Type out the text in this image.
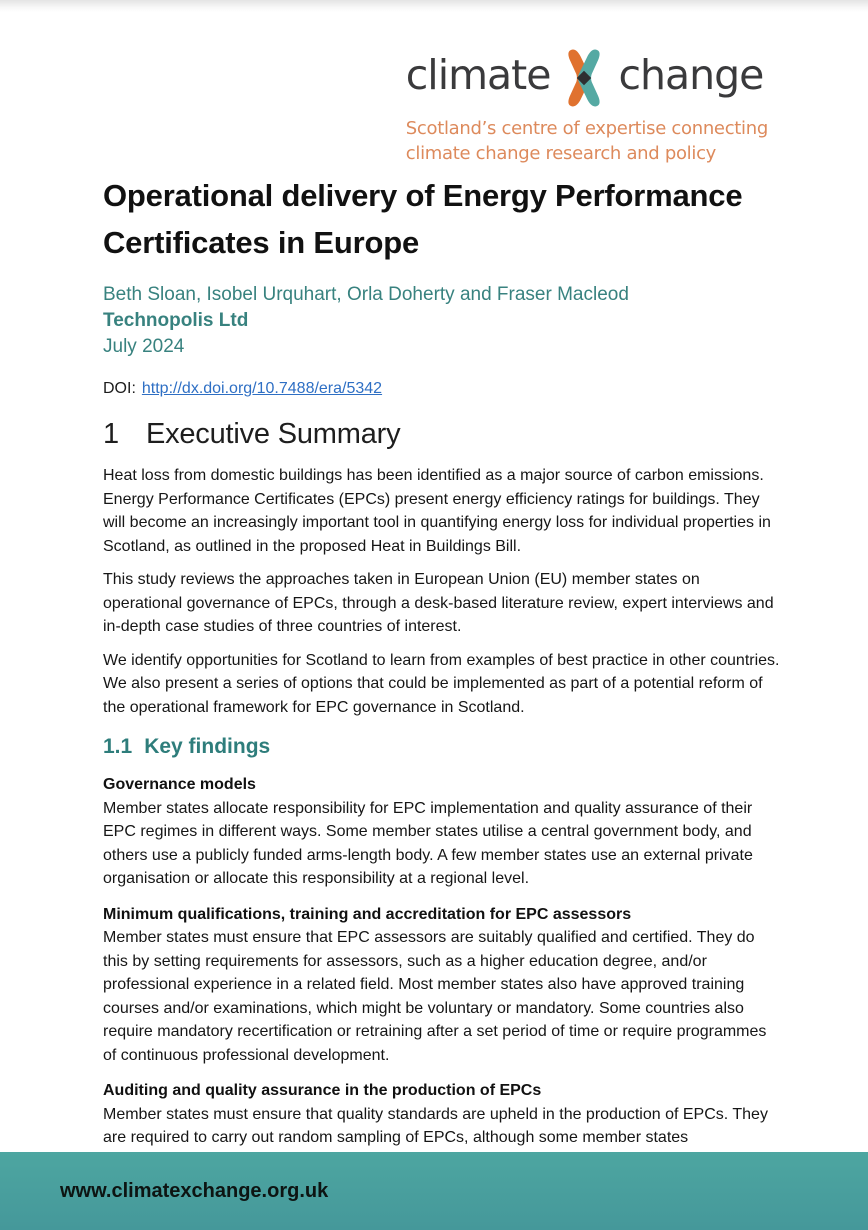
climate change
Scotland’s centre of expertise connecting
climate change research and policy
Operational delivery of Energy Performance Certificates in Europe
Beth Sloan, Isobel Urquhart, Orla Doherty and Fraser Macleod
Technopolis Ltd
July 2024

DOI: http://dx.doi.org/10.7488/era/5342

1 Executive Summary

Heat loss from domestic buildings has been identified as a major source of carbon emissions. Energy Performance Certificates (EPCs) present energy efficiency ratings for buildings. They will become an increasingly important tool in quantifying energy loss for individual properties in Scotland, as outlined in the proposed Heat in Buildings Bill.

This study reviews the approaches taken in European Union (EU) member states on operational governance of EPCs, through a desk-based literature review, expert interviews and in-depth case studies of three countries of interest.

We identify opportunities for Scotland to learn from examples of best practice in other countries. We also present a series of options that could be implemented as part of a potential reform of the operational framework for EPC governance in Scotland.

1.1 Key findings
Governance models
Member states allocate responsibility for EPC implementation and quality assurance of their EPC regimes in different ways. Some member states utilise a central government body, and others use a publicly funded arms-length body. A few member states use an external private organisation or allocate this responsibility at a regional level.
Minimum qualifications, training and accreditation for EPC assessors
Member states must ensure that EPC assessors are suitably qualified and certified. They do this by setting requirements for assessors, such as a higher education degree, and/or professional experience in a related field. Most member states also have approved training courses and/or examinations, which might be voluntary or mandatory. Some countries also require mandatory recertification or retraining after a set period of time or require programmes of continuous professional development.
Auditing and quality assurance in the production of EPCs
Member states must ensure that quality standards are upheld in the production of EPCs. They are required to carry out random sampling of EPCs, although some member states
www.climatexchange.org.uk
